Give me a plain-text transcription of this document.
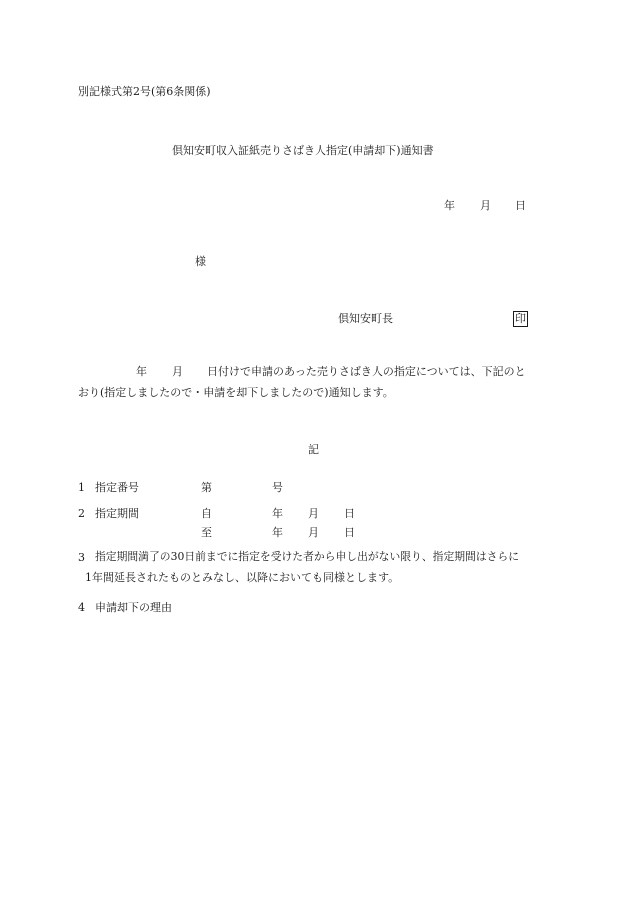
別記様式第2号(第6条関係)
倶知安町収入証紙売りさばき人指定(申請却下)通知書
年 月 日
様
倶知安町長	印
年 月 日付けで申請のあった売りさばき人の指定については、下記のと
おり(指定しましたので・申請を却下しましたので)通知します。
記
1 指定番号	第	号
2 指定期間	自	年 月 日
至	年 月 日
3 指定期間満了の30日前までに指定を受けた者から申し出がない限り、指定期間はさらに
1年間延長されたものとみなし、以降においても同様とします。
4 申請却下の理由
